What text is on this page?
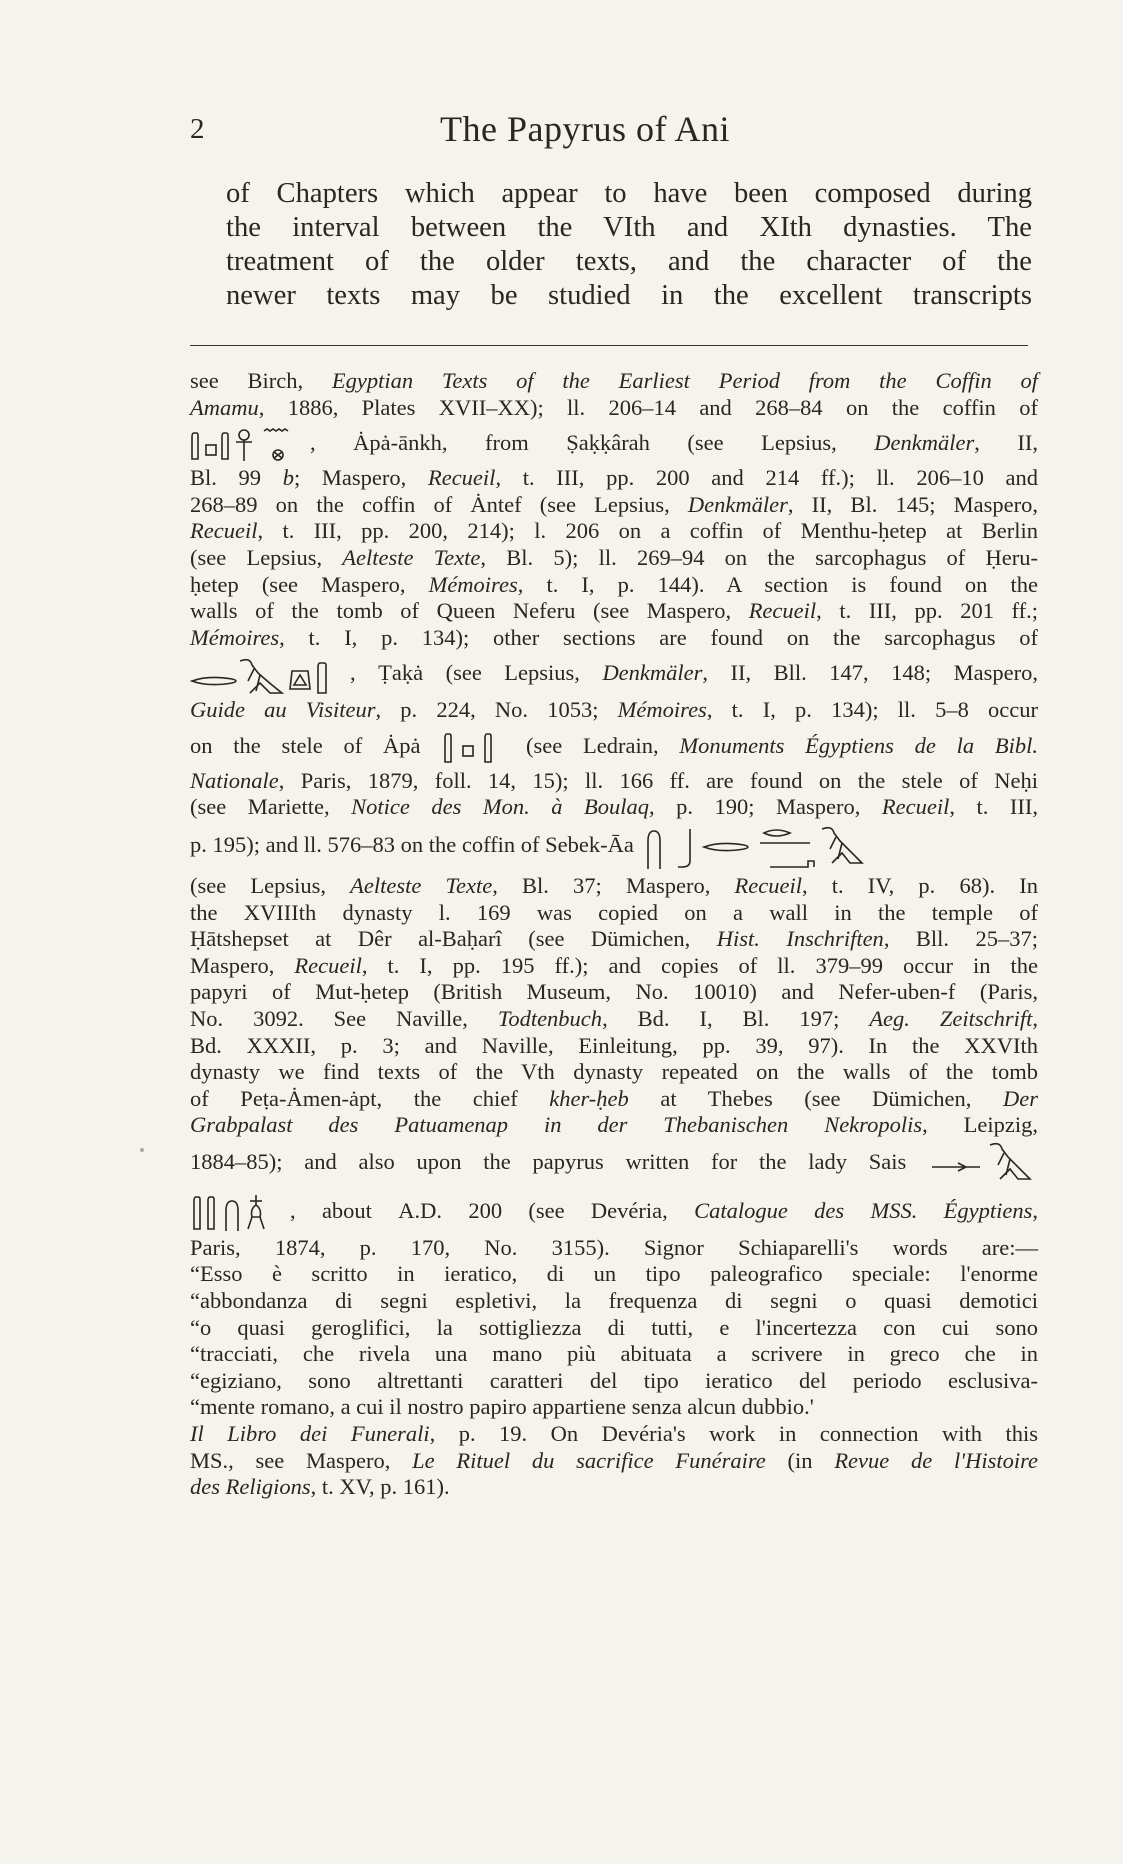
2	The Papyrus of Ani
of Chapters which appear to have been composed during
the interval between the VIth and XIth dynasties. The
treatment of the older texts, and the character of the
newer texts may be studied in the excellent transcripts
see Birch, Egyptian Texts of the Earliest Period from the Coffin of
Amamu, 1886, Plates XVII–XX); ll. 206–14 and 268–84 on the coffin of
, Ȧpȧ-ānkh, from Ṣaḳḳârah (see Lepsius, Denkmäler, II,
Bl. 99 b; Maspero, Recueil, t. III, pp. 200 and 214 ff.); ll. 206–10 and
268–89 on the coffin of Ȧntef (see Lepsius, Denkmäler, II, Bl. 145; Maspero,
Recueil, t. III, pp. 200, 214); l. 206 on a coffin of Menthu-ḥetep at Berlin
(see Lepsius, Aelteste Texte, Bl. 5); ll. 269–94 on the sarcophagus of Ḥeru-
ḥetep (see Maspero, Mémoires, t. I, p. 144). A section is found on the
walls of the tomb of Queen Neferu (see Maspero, Recueil, t. III, pp. 201 ff.;
Mémoires, t. I, p. 134); other sections are found on the sarcophagus of
, Ṭaḳȧ (see Lepsius, Denkmäler, II, Bll. 147, 148; Maspero,
Guide au Visiteur, p. 224, No. 1053; Mémoires, t. I, p. 134); ll. 5–8 occur
on the stele of Ȧpȧ	(see Ledrain, Monuments Égyptiens de la Bibl.
Nationale, Paris, 1879, foll. 14, 15); ll. 166 ff. are found on the stele of Neḥi
(see Mariette, Notice des Mon. à Boulaq, p. 190; Maspero, Recueil, t. III,
p. 195); and ll. 576–83 on the coffin of Sebek-Āa
(see Lepsius, Aelteste Texte, Bl. 37; Maspero, Recueil, t. IV, p. 68). In
the XVIIIth dynasty l. 169 was copied on a wall in the temple of
Ḥātshepset at Dêr al-Baḥarî (see Dümichen, Hist. Inschriften, Bll. 25–37;
Maspero, Recueil, t. I, pp. 195 ff.); and copies of ll. 379–99 occur in the
papyri of Mut-ḥetep (British Museum, No. 10010) and Nefer-uben-f (Paris,
No. 3092. See Naville, Todtenbuch, Bd. I, Bl. 197; Aeg. Zeitschrift,
Bd. XXXII, p. 3; and Naville, Einleitung, pp. 39, 97). In the XXVIth
dynasty we find texts of the Vth dynasty repeated on the walls of the tomb
of Peṭa-Ȧmen-ȧpt, the chief kher-ḥeb at Thebes (see Dümichen, Der
Grabpalast des Patuamenap in der Thebanischen Nekropolis, Leipzig,
1884–85); and also upon the papyrus written for the lady Sais
, about A.D. 200 (see Devéria, Catalogue des MSS. Égyptiens,
Paris, 1874, p. 170, No. 3155). Signor Schiaparelli's words are:—
“Esso è scritto in ieratico, di un tipo paleografico speciale: l'enorme
“abbondanza di segni espletivi, la frequenza di segni o quasi demotici
“o quasi geroglifici, la sottigliezza di tutti, e l'incertezza con cui sono
“tracciati, che rivela una mano più abituata a scrivere in greco che in
“egiziano, sono altrettanti caratteri del tipo ieratico del periodo esclusiva-
“mente romano, a cui il nostro papiro appartiene senza alcun dubbio.'
Il Libro dei Funerali, p. 19. On Devéria's work in connection with this
MS., see Maspero, Le Rituel du sacrifice Funéraire (in Revue de l'Histoire
des Religions, t. XV, p. 161).
